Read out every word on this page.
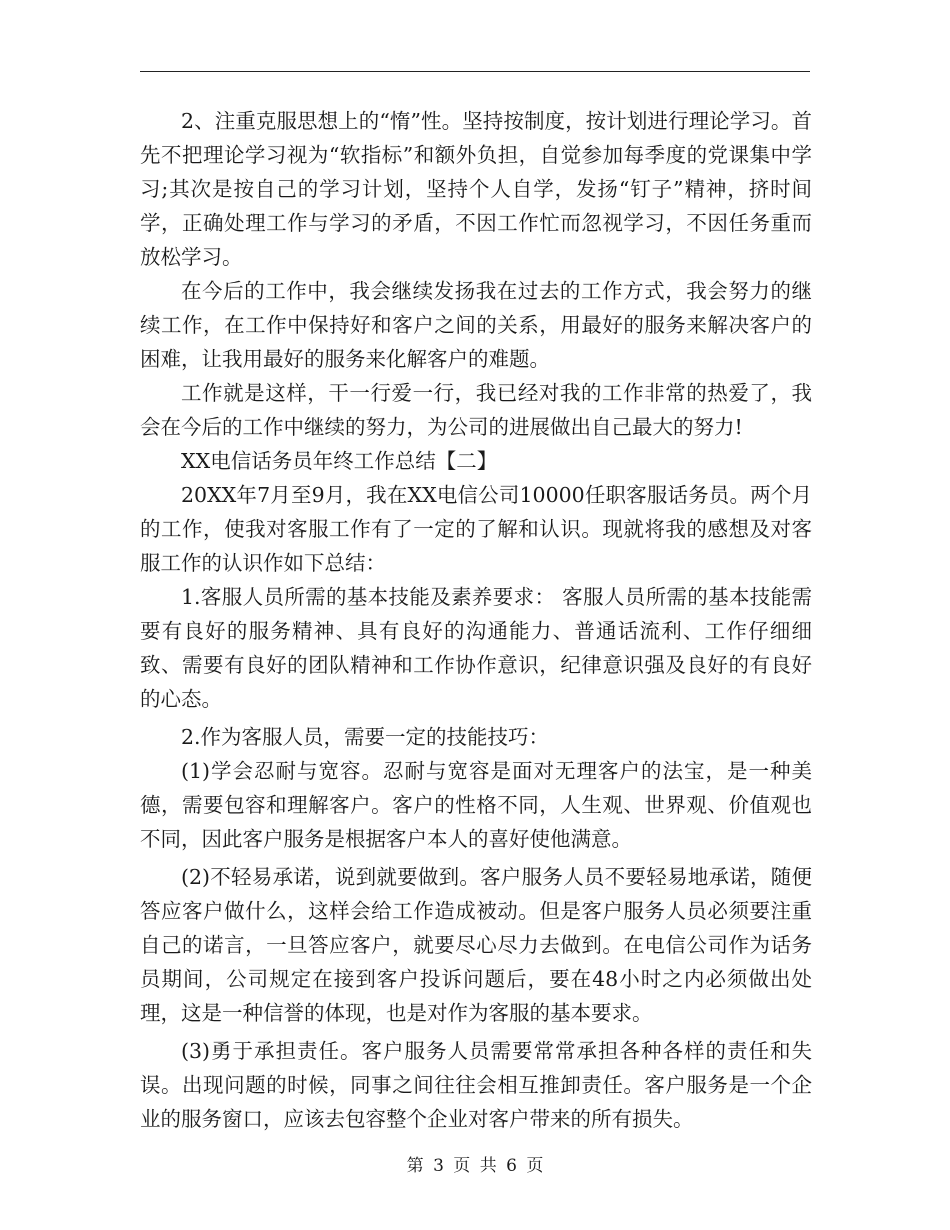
2、注重克服思想上的“惰”性。坚持按制度，按计划进行理论学习。首先不把理论学习视为“软指标”和额外负担，自觉参加每季度的党课集中学习;其次是按自己的学习计划，坚持个人自学，发扬“钉子”精神，挤时间学，正确处理工作与学习的矛盾，不因工作忙而忽视学习，不因任务重而放松学习。

在今后的工作中，我会继续发扬我在过去的工作方式，我会努力的继续工作，在工作中保持好和客户之间的关系，用最好的服务来解决客户的困难，让我用最好的服务来化解客户的难题。

工作就是这样，干一行爱一行，我已经对我的工作非常的热爱了，我会在今后的工作中继续的努力，为公司的进展做出自己最大的努力!

XX电信话务员年终工作总结【二】

20XX年7月至9月，我在XX电信公司10000任职客服话务员。两个月的工作，使我对客服工作有了一定的了解和认识。现就将我的感想及对客服工作的认识作如下总结：

1.客服人员所需的基本技能及素养要求： 客服人员所需的基本技能需要有良好的服务精神、具有良好的沟通能力、普通话流利、工作仔细细致、需要有良好的团队精神和工作协作意识，纪律意识强及良好的有良好的心态。

2.作为客服人员，需要一定的技能技巧：

(1)学会忍耐与宽容。忍耐与宽容是面对无理客户的法宝，是一种美德，需要包容和理解客户。客户的性格不同，人生观、世界观、价值观也不同，因此客户服务是根据客户本人的喜好使他满意。

(2)不轻易承诺，说到就要做到。客户服务人员不要轻易地承诺，随便答应客户做什么，这样会给工作造成被动。但是客户服务人员必须要注重自己的诺言，一旦答应客户，就要尽心尽力去做到。在电信公司作为话务员期间，公司规定在接到客户投诉问题后，要在48小时之内必须做出处理，这是一种信誉的体现，也是对作为客服的基本要求。

(3)勇于承担责任。客户服务人员需要常常承担各种各样的责任和失误。出现问题的时候，同事之间往往会相互推卸责任。客户服务是一个企业的服务窗口，应该去包容整个企业对客户带来的所有损失。

第 3 页 共 6 页
